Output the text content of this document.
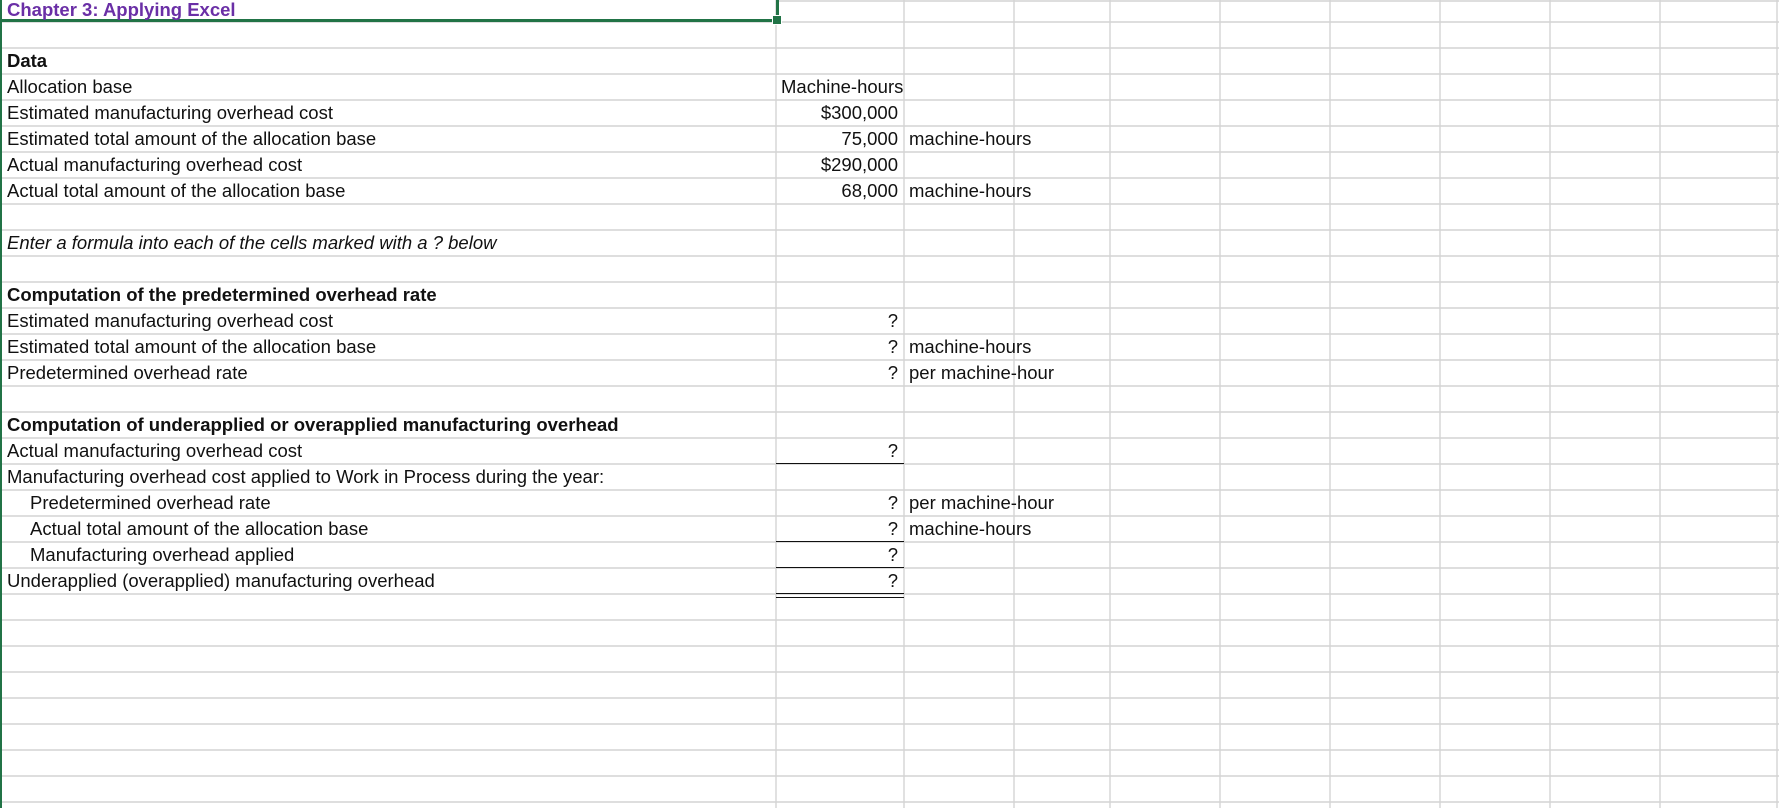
Chapter 3: Applying Excel
Data
Allocation base	Machine-hours
Estimated manufacturing overhead cost	$300,000
Estimated total amount of the allocation base	75,000 machine-hours
Actual manufacturing overhead cost	$290,000
Actual total amount of the allocation base	68,000 machine-hours
Enter a formula into each of the cells marked with a ? below
Computation of the predetermined overhead rate
Estimated manufacturing overhead cost	?
Estimated total amount of the allocation base	? machine-hours
Predetermined overhead rate	? per machine-hour
Computation of underapplied or overapplied manufacturing overhead
Actual manufacturing overhead cost	?
Manufacturing overhead cost applied to Work in Process during the year:
Predetermined overhead rate	? per machine-hour
Actual total amount of the allocation base	? machine-hours
Manufacturing overhead applied	?
Underapplied (overapplied) manufacturing overhead	?
